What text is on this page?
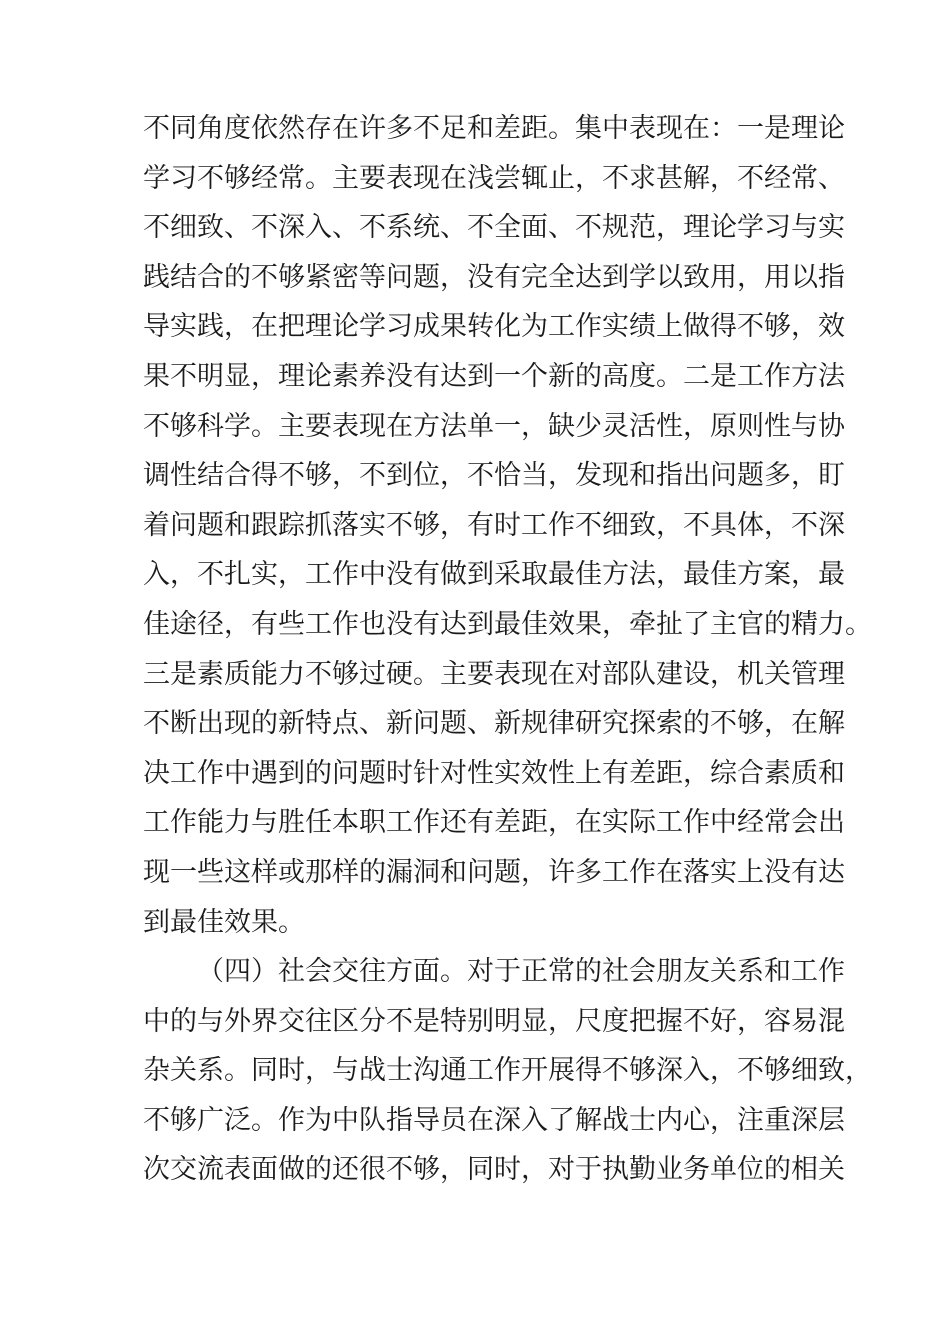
不同角度依然存在许多不足和差距。集中表现在：一是理论
学习不够经常。主要表现在浅尝辄止，不求甚解，不经常、
不细致、不深入、不系统、不全面、不规范，理论学习与实
践结合的不够紧密等问题，没有完全达到学以致用，用以指
导实践，在把理论学习成果转化为工作实绩上做得不够，效
果不明显，理论素养没有达到一个新的高度。二是工作方法
不够科学。主要表现在方法单一，缺少灵活性，原则性与协
调性结合得不够，不到位，不恰当，发现和指出问题多，盯
着问题和跟踪抓落实不够，有时工作不细致，不具体，不深
入，不扎实，工作中没有做到采取最佳方法，最佳方案，最
佳途径，有些工作也没有达到最佳效果，牵扯了主官的精力。
三是素质能力不够过硬。主要表现在对部队建设，机关管理
不断出现的新特点、新问题、新规律研究探索的不够，在解
决工作中遇到的问题时针对性实效性上有差距，综合素质和
工作能力与胜任本职工作还有差距，在实际工作中经常会出
现一些这样或那样的漏洞和问题，许多工作在落实上没有达
到最佳效果。
（四）社会交往方面。对于正常的社会朋友关系和工作
中的与外界交往区分不是特别明显，尺度把握不好，容易混
杂关系。同时，与战士沟通工作开展得不够深入，不够细致，
不够广泛。作为中队指导员在深入了解战士内心，注重深层
次交流表面做的还很不够，同时，对于执勤业务单位的相关
